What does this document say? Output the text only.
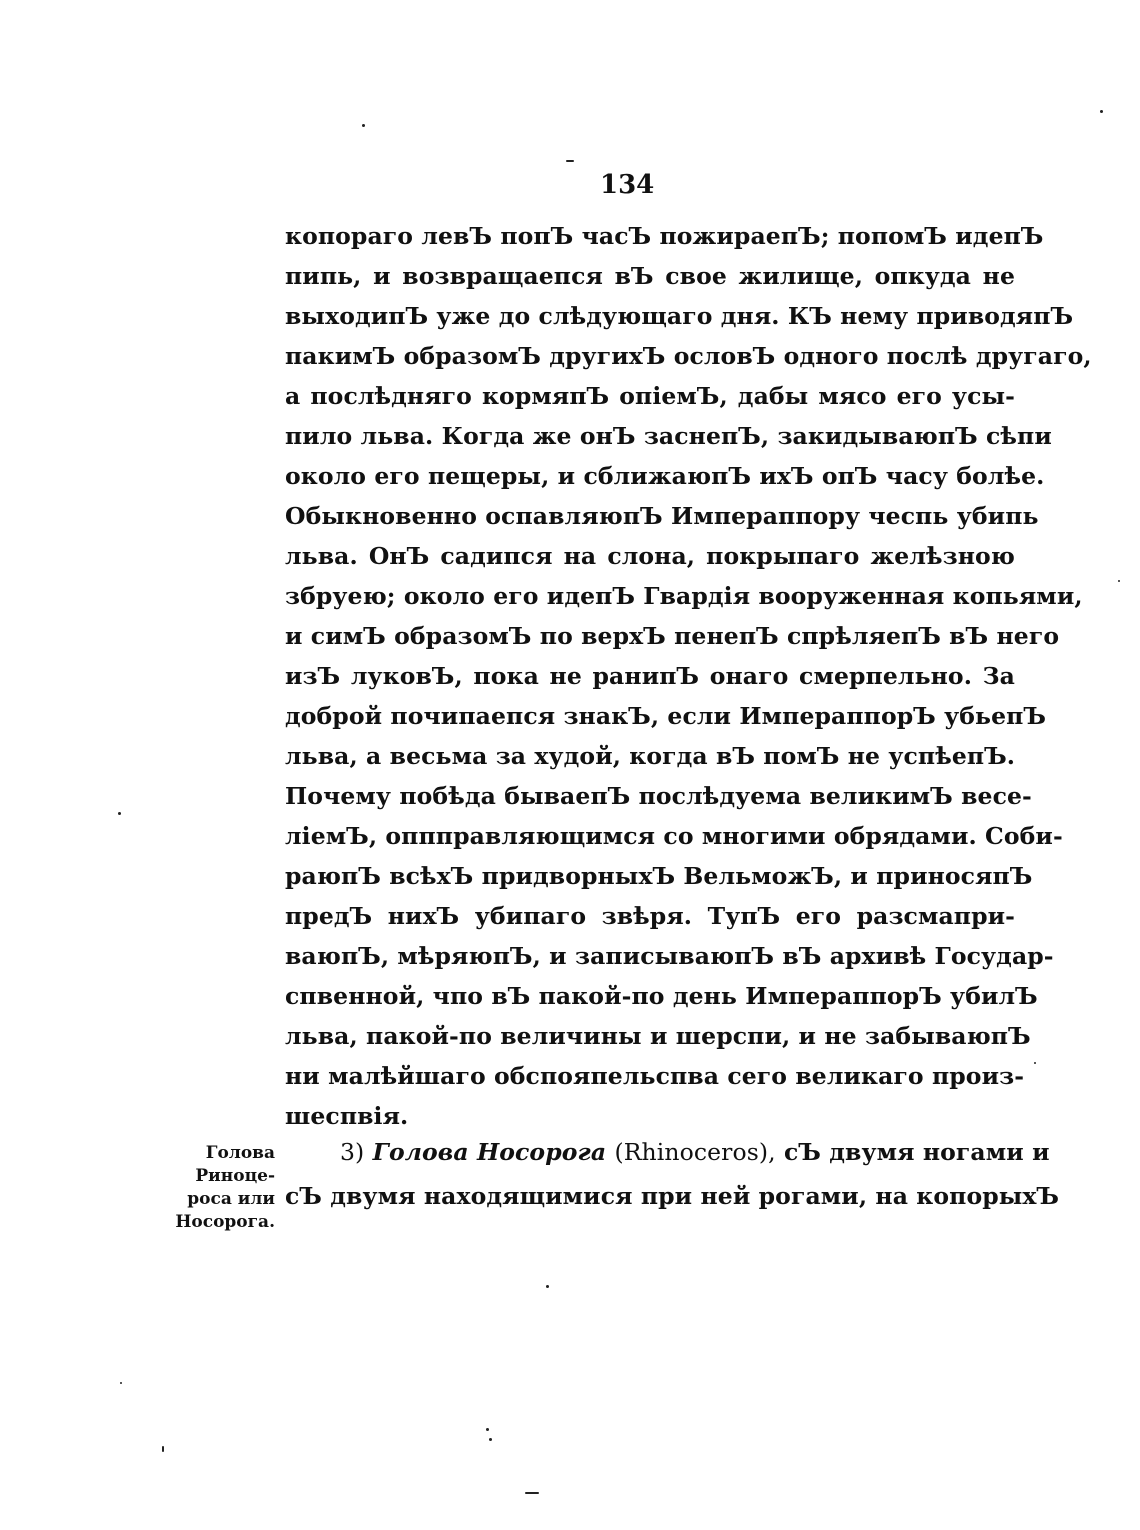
134
копораго левЪ попЪ часЪ пожираепЪ; попомЪ идепЪ
пипь, и возвращаепся вЪ свое жилище, опкуда не
выходипЪ уже до слѣдующаго дня. КЪ нему приводяпЪ
пакимЪ образомЪ другихЪ ословЪ одного послѣ другаго,
а послѣдняго кормяпЪ опiемЪ, дабы мясо его усы-
пило льва. Когда же онЪ заснепЪ, закидываюпЪ сѣпи
около его пещеры, и сближаюпЪ ихЪ опЪ часу болѣе.
Обыкновенно оспавляюпЪ Импераппору чеспь убипь
льва. ОнЪ садипся на слона, покрыпаго желѣзною
збруею; около его идепЪ Гвардiя вооруженная копьями,
и симЪ образомЪ по верхЪ пенепЪ спрѣляепЪ вЪ него
изЪ луковЪ, пока не ранипЪ онаго смерпельно. За
доброй почипаепся знакЪ, если ИмпераппорЪ убьепЪ
льва, а весьма за худой, когда вЪ помЪ не успѣепЪ.
Почему побѣда бываепЪ послѣдуема великимЪ весе-
лiемЪ, оппправляющимся со многими обрядами. Соби-
раюпЪ всѣхЪ придворныхЪ ВельможЪ, и приносяпЪ
предЪ нихЪ убипаго звѣря. ТупЪ его разсмапри-
ваюпЪ, мѣряюпЪ, и записываюпЪ вЪ архивѣ Государ-
спвенной, чпо вЪ пакой-по день ИмпераппорЪ убилЪ
льва, пакой-по величины и шерспи, и не забываюпЪ
ни малѣйшаго обспояпельспва сего великаго произ-
шеспвiя.
Голова
Риноце-
роса или
Носорога.
3) Голова Носорога (Rhinoceros), сЪ двумя ногами и
сЪ двумя находящимися при ней рогами, на копорыхЪ
